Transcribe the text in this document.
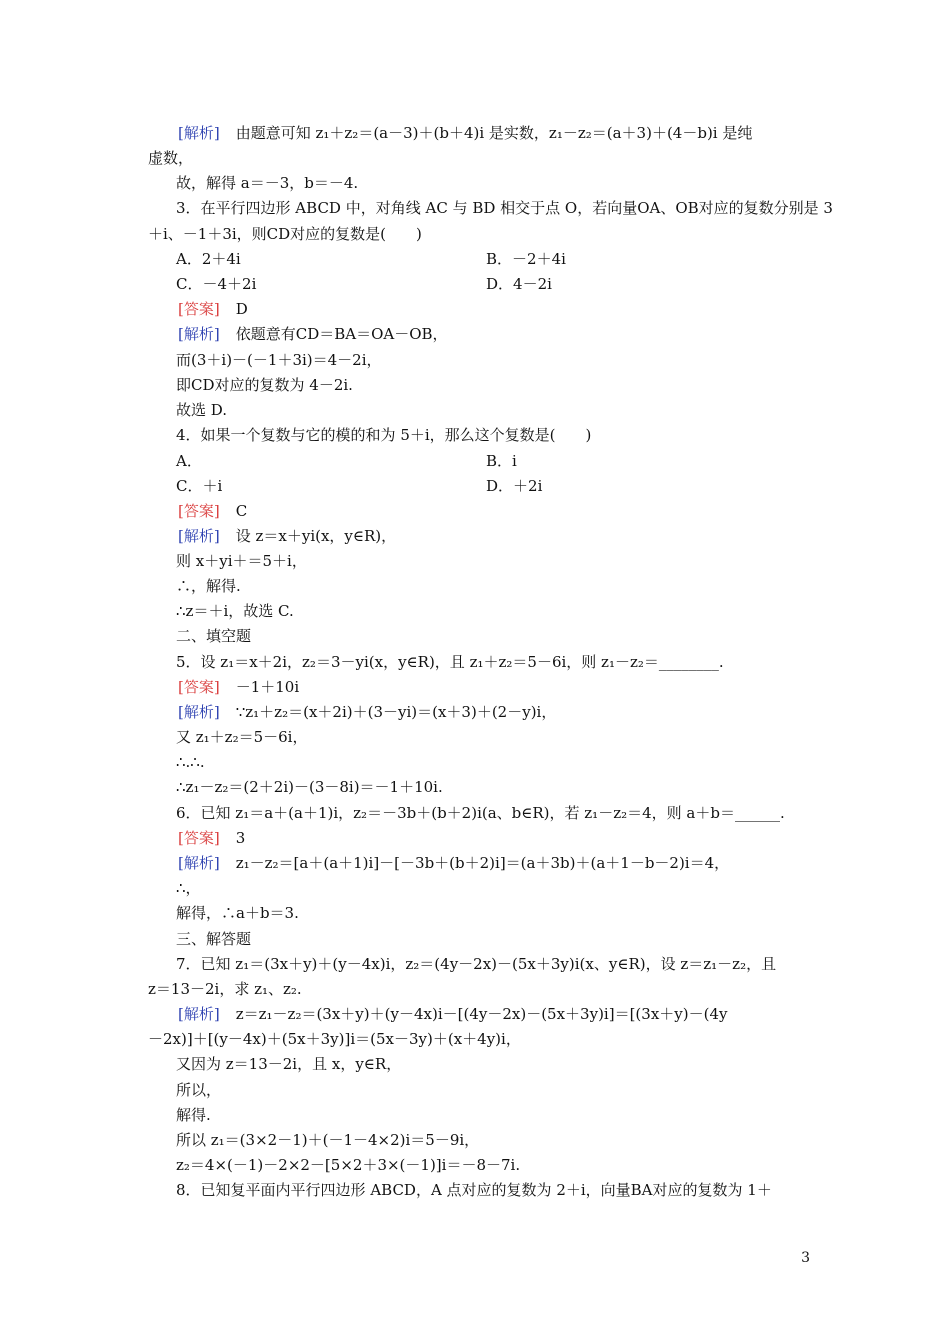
[解析] 由题意可知 z₁＋z₂＝(a－3)＋(b＋4)i 是实数，z₁－z₂＝(a＋3)＋(4－b)i 是纯
虚数，
故，解得 a＝－3，b＝－4.
3．在平行四边形 ABCD 中，对角线 AC 与 BD 相交于点 O，若向量OA、OB对应的复数分别是 3
＋i、－1＋3i，则CD对应的复数是(　　)
A．2＋4i	B．－2＋4i
C．－4＋2i	D．4－2i
[答案] D
[解析] 依题意有CD＝BA＝OA－OB，
而(3＋i)－(－1＋3i)＝4－2i，
即CD对应的复数为 4－2i.
故选 D.
4．如果一个复数与它的模的和为 5＋i，那么这个复数是(　　)
A．	B．i
C．＋i	D．＋2i
[答案] C
[解析] 设 z＝x＋yi(x，y∈R)，
则 x＋yi＋＝5＋i，
∴，解得.
∴z＝＋i，故选 C.
二、填空题
5．设 z₁＝x＋2i，z₂＝3－yi(x，y∈R)，且 z₁＋z₂＝5－6i，则 z₁－z₂＝________.
[答案] －1＋10i
[解析] ∵z₁＋z₂＝(x＋2i)＋(3－yi)＝(x＋3)＋(2－y)i，
又 z₁＋z₂＝5－6i，
∴.∴.
∴z₁－z₂＝(2＋2i)－(3－8i)＝－1＋10i.
6．已知 z₁＝a＋(a＋1)i，z₂＝－3b＋(b＋2)i(a、b∈R)，若 z₁－z₂＝4，则 a＋b＝______.
[答案] 3
[解析] z₁－z₂＝[a＋(a＋1)i]－[－3b＋(b＋2)i]＝(a＋3b)＋(a＋1－b－2)i＝4，
∴，
解得，∴a＋b＝3.
三、解答题
7．已知 z₁＝(3x＋y)＋(y－4x)i，z₂＝(4y－2x)－(5x＋3y)i(x、y∈R)，设 z＝z₁－z₂，且
z＝13－2i，求 z₁、z₂.
[解析] z＝z₁－z₂＝(3x＋y)＋(y－4x)i－[(4y－2x)－(5x＋3y)i]＝[(3x＋y)－(4y
－2x)]＋[(y－4x)＋(5x＋3y)]i＝(5x－3y)＋(x＋4y)i，
又因为 z＝13－2i，且 x，y∈R，
所以，
解得.
所以 z₁＝(3×2－1)＋(－1－4×2)i＝5－9i，
z₂＝4×(－1)－2×2－[5×2＋3×(－1)]i＝－8－7i.
8．已知复平面内平行四边形 ABCD，A 点对应的复数为 2＋i，向量BA对应的复数为 1＋
3
